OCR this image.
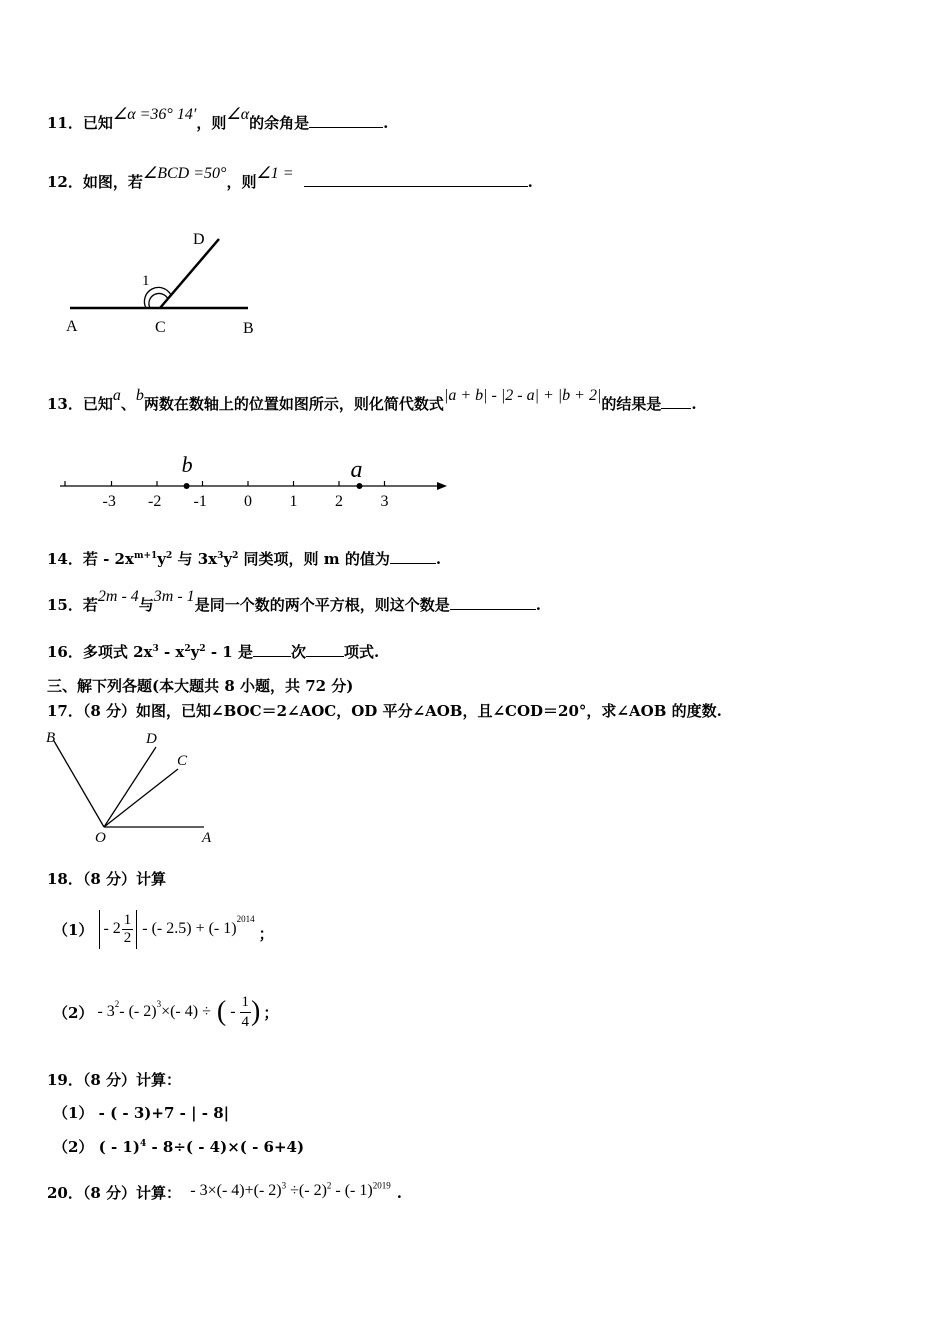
11．已知∠α =36° 14′，则∠α的余角是	.
12．如图，若∠BCD =50°，则∠1 =	.
D
1
A	C	B
13．已知a、b两数在数轴上的位置如图所示，则化简代数式|a + b| - |2 - a| + |b + 2|的结果是 .
-3 -2 -1 0 1 2 3
b	a
14．若 - $2x^{m+1}y^2$ 与 $3x^3y^2$ 同类项，则 m 的值为	.
15．若2m - 4与3m - 1是同一个数的两个平方根，则这个数是	.
16．多项式 $2x^3 - x^2y^2 - 1$ 是	次	项式.
三、解下列各题(本大题共 8 小题，共 72 分)
17．（8 分）如图，已知∠BOC＝2∠AOC，OD 平分∠AOB，且∠COD＝20°，求∠AOB 的度数.
B	D
C
O	A
18．（8 分）计算
$(1) - 2 \frac{1}{2}$ - (- 2.5) + (- 1)
$^{2014}$
；
$(2) - 3^2$ - (- 2)$^3$ ×(- 4) ÷ ( - $\frac{1}{4}$ ) ；
19．（8 分）计算：
（1） - ( - 3)+7 - | - 8|
（2） ( - 1)$^4$ - 8÷( - 4)×( - 6+4)
20．（8 分）计算： - 3×(- 4)+(- 2)$^3$ ÷(- 2)$^2$ - (- 1)$^{2019}$ .
